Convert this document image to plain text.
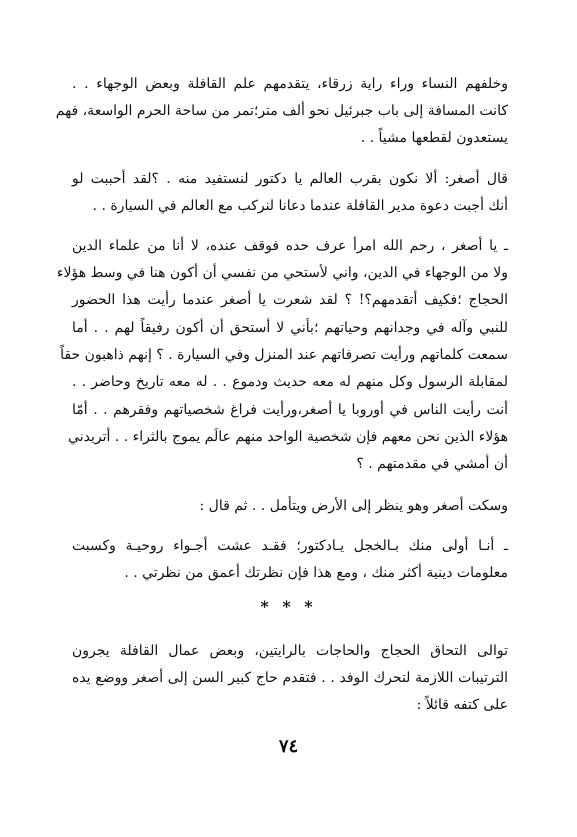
وخلفهم النساء وراء راية زرقاء، يتقدمهم علم القافلة وبعض الوجهاء . .
كانت المسافة إلى باب جبرئيل نحو ألف متر؛تمر من ساحة الحرم الواسعة، فهم
يستعدون لقطعها مشياً . .
قال أصغر: ألا نكون بقرب العالم يا دكتور لنستفيد منه . ؟لقد أحببت لو
أنك أجبت دعوة مدير القافلة عندما دعانا لنركب مع العالم في السيارة . .
ـ يا أصغر ، رحم الله امرأ عرف حده فوقف عنده، لا أنا من علماء الدين
ولا من الوجهاء في الدين، واني لأستحي من نفسي أن أكون هنا في وسط هؤلاء
الحجاج ؛فكيف أتقدمهم؟! ؟ لقد شعرت يا أصغر عندما رأيت هذا الحضور
للنبي وآله في وجدانهم وحياتهم ؛بأني لا أستحق أن أكون رفيقاً لهم . . أما
سمعت كلماتهم ورأيت تصرفاتهم عند المنزل وفي السيارة . ؟ إنهم ذاهبون حقاً
لمقابلة الرسول وكل منهم له معه حديث ودموع . . له معه تاريخ وحاضر . .
أنت رأيت الناس في أوروبا يا أصغر،ورأيت فراغ شخصياتهم وفقرهم . . أمّا
هؤلاء الذين نحن معهم فإن شخصية الواحد منهم عالَم يموج بالثراء . . أتريدني
أن أمشي في مقدمتهم . ؟
وسكت أصغر وهو ينظر إلى الأرض ويتأمل . . ثم قال :
ـ أنـا أولى منك بـالخجل يـادكتور؛ فقـد عشت أجـواء روحيـة وكسبت
معلومات دينية أكثر منك ، ومع هذا فإن نظرتك أعمق من نظرتي . .
* * *
توالى التحاق الحجاج والحاجات بالرايتين، وبعض عمال القافلة يجرون
الترتيبات اللازمة لتحرك الوفد . . فتقدم حاج كبير السن إلى أصغر ووضع يده
على كتفه قائلاً :
٧٤
